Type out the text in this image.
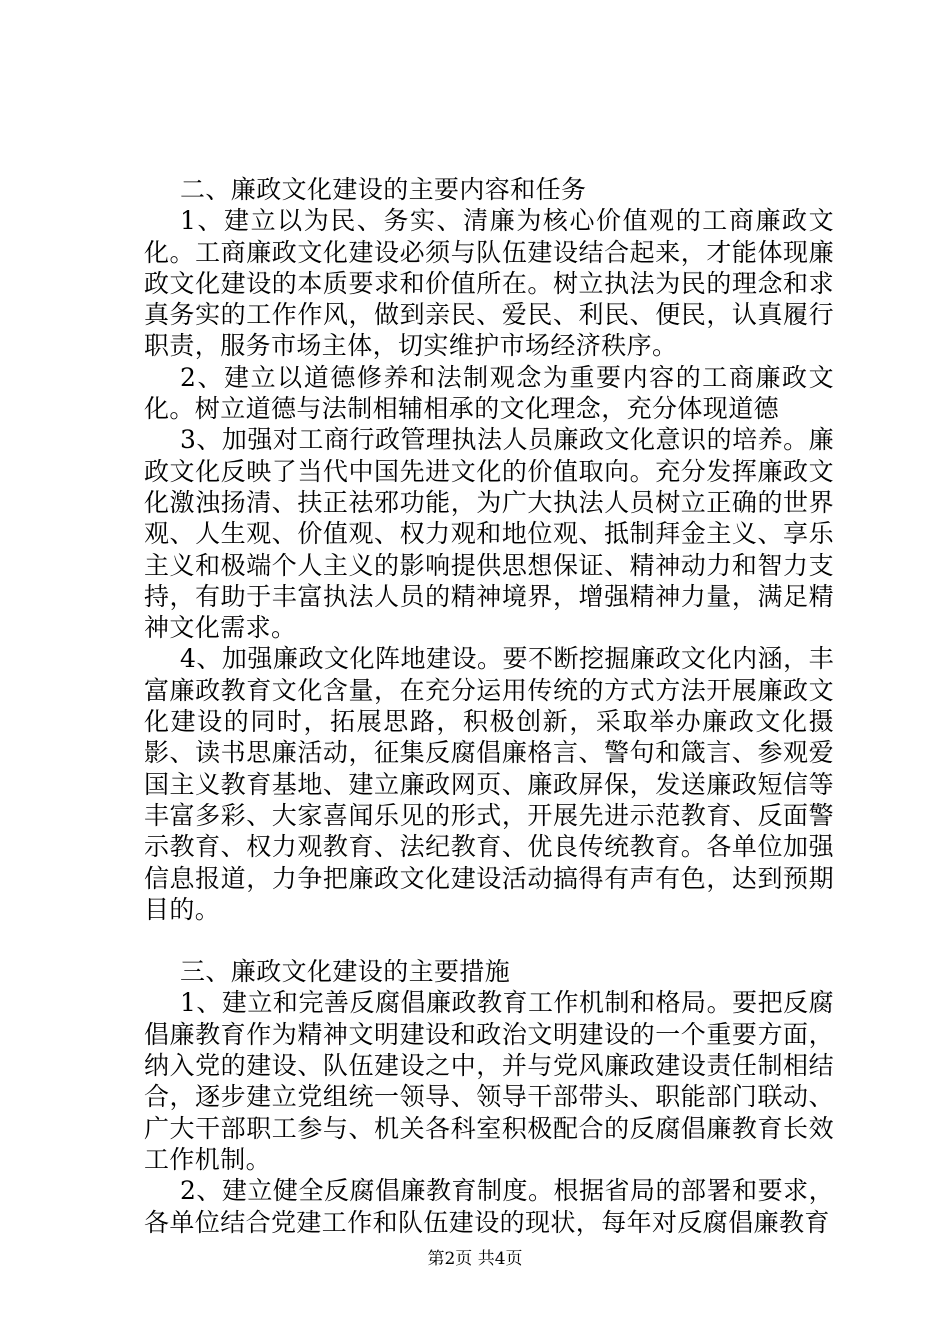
二、廉政文化建设的主要内容和任务

1、建立以为民、务实、清廉为核心价值观的工商廉政文化。工商廉政文化建设必须与队伍建设结合起来，才能体现廉政文化建设的本质要求和价值所在。树立执法为民的理念和求真务实的工作作风，做到亲民、爱民、利民、便民，认真履行职责，服务市场主体，切实维护市场经济秩序。

2、建立以道德修养和法制观念为重要内容的工商廉政文化。树立道德与法制相辅相承的文化理念，充分体现道德

3、加强对工商行政管理执法人员廉政文化意识的培养。廉政文化反映了当代中国先进文化的价值取向。充分发挥廉政文化激浊扬清、扶正祛邪功能，为广大执法人员树立正确的世界观、人生观、价值观、权力观和地位观、抵制拜金主义、享乐主义和极端个人主义的影响提供思想保证、精神动力和智力支持，有助于丰富执法人员的精神境界，增强精神力量，满足精神文化需求。

4、加强廉政文化阵地建设。要不断挖掘廉政文化内涵，丰富廉政教育文化含量，在充分运用传统的方式方法开展廉政文化建设的同时，拓展思路，积极创新，采取举办廉政文化摄影、读书思廉活动，征集反腐倡廉格言、警句和箴言、参观爱国主义教育基地、建立廉政网页、廉政屏保，发送廉政短信等丰富多彩、大家喜闻乐见的形式，开展先进示范教育、反面警示教育、权力观教育、法纪教育、优良传统教育。各单位加强信息报道，力争把廉政文化建设活动搞得有声有色，达到预期目的。

三、廉政文化建设的主要措施

1、建立和完善反腐倡廉政教育工作机制和格局。要把反腐倡廉教育作为精神文明建设和政治文明建设的一个重要方面，纳入党的建设、队伍建设之中，并与党风廉政建设责任制相结合，逐步建立党组统一领导、领导干部带头、职能部门联动、广大干部职工参与、机关各科室积极配合的反腐倡廉教育长效工作机制。

2、建立健全反腐倡廉教育制度。根据省局的部署和要求，各单位结合党建工作和队伍建设的现状，每年对反腐倡廉教育

第2页 共4页
